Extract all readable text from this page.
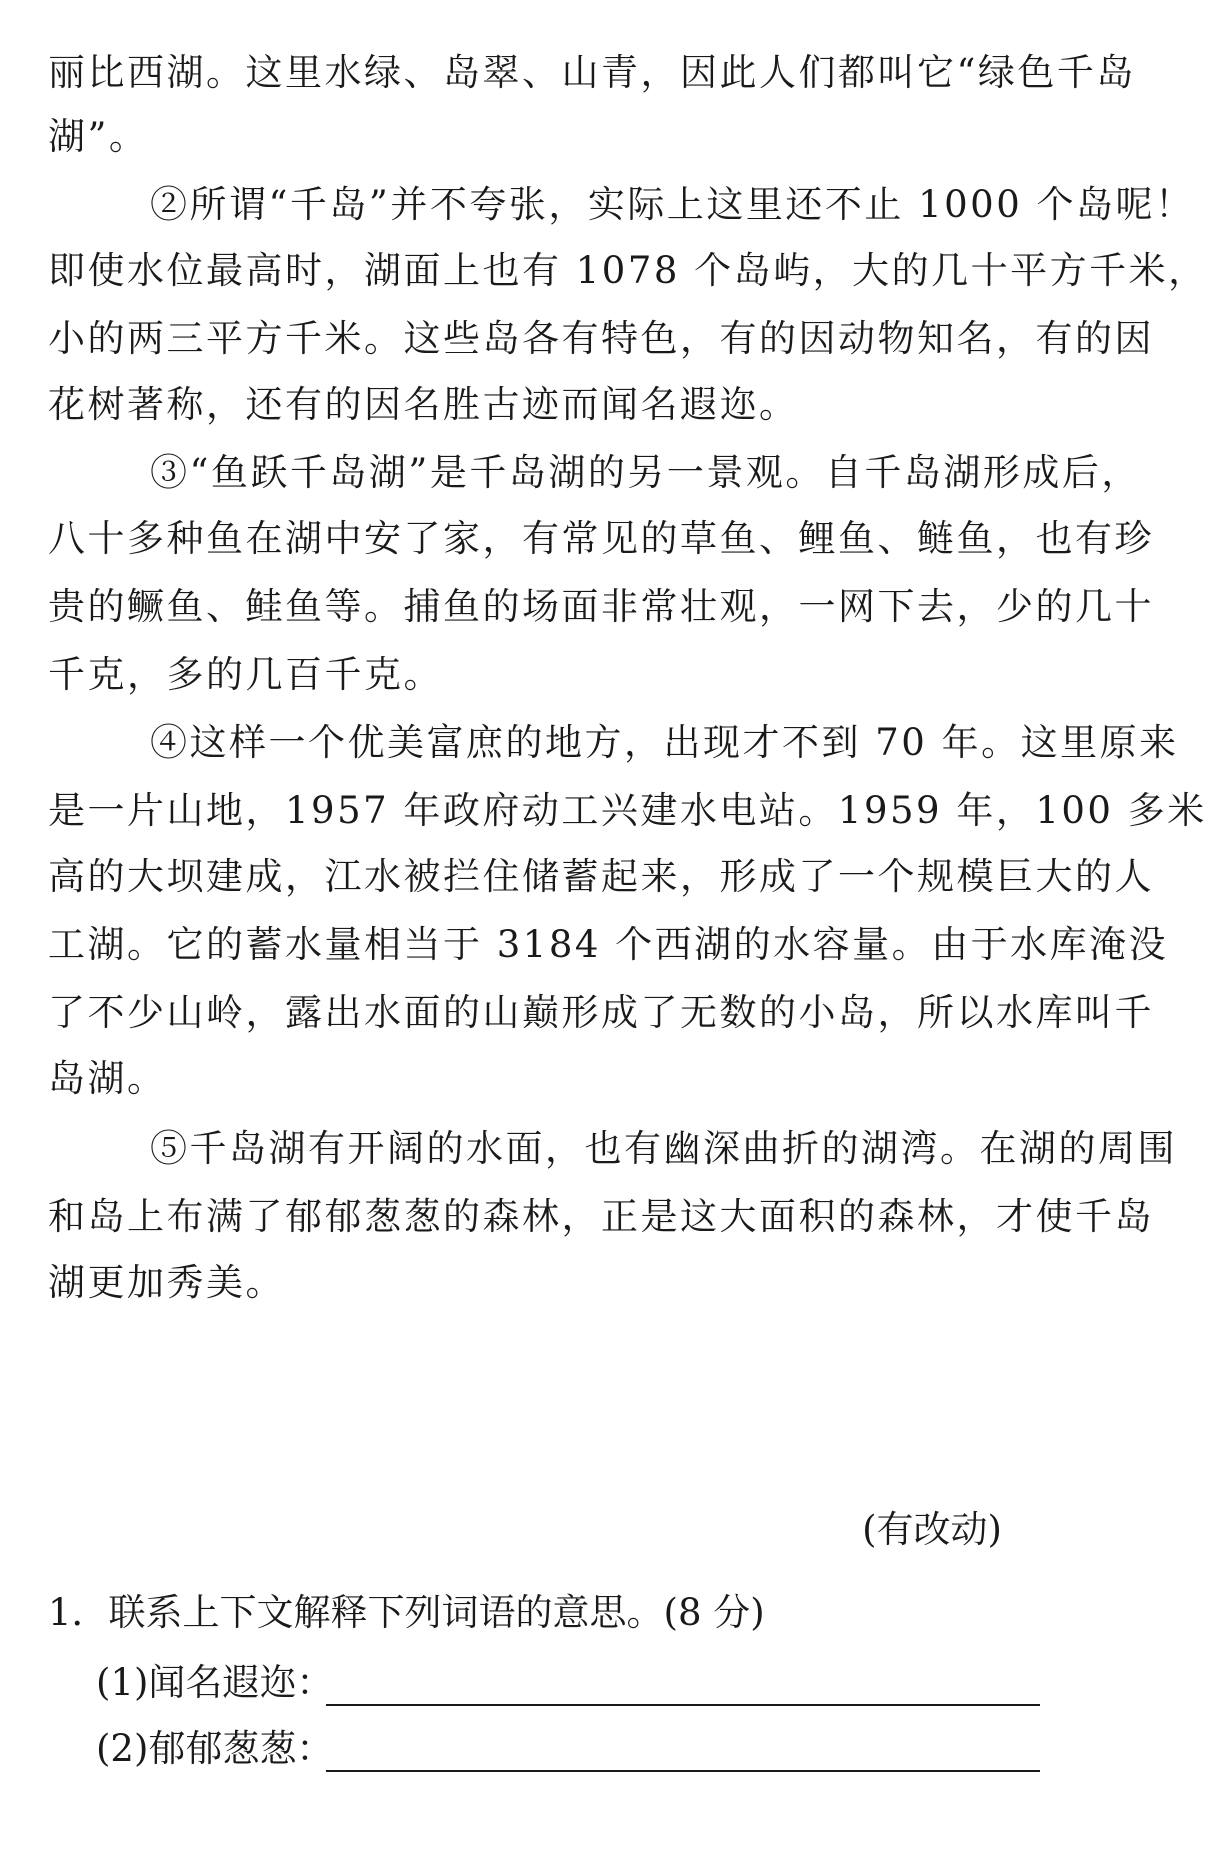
丽比西湖。这里水绿、岛翠、山青，因此人们都叫它“绿色千岛
湖”。
②所谓“千岛”并不夸张，实际上这里还不止 1000 个岛呢！
即使水位最高时，湖面上也有 1078 个岛屿，大的几十平方千米，
小的两三平方千米。这些岛各有特色，有的因动物知名，有的因
花树著称，还有的因名胜古迹而闻名遐迩。
③“鱼跃千岛湖”是千岛湖的另一景观。自千岛湖形成后，
八十多种鱼在湖中安了家，有常见的草鱼、鲤鱼、鲢鱼，也有珍
贵的鳜鱼、鲑鱼等。捕鱼的场面非常壮观，一网下去，少的几十
千克，多的几百千克。
④这样一个优美富庶的地方，出现才不到 70 年。这里原来
是一片山地，1957 年政府动工兴建水电站。1959 年，100 多米
高的大坝建成，江水被拦住储蓄起来，形成了一个规模巨大的人
工湖。它的蓄水量相当于 3184 个西湖的水容量。由于水库淹没
了不少山岭，露出水面的山巅形成了无数的小岛，所以水库叫千
岛湖。
⑤千岛湖有开阔的水面，也有幽深曲折的湖湾。在湖的周围
和岛上布满了郁郁葱葱的森林，正是这大面积的森林，才使千岛
湖更加秀美。
(有改动)
1．联系上下文解释下列词语的意思。(8 分)
(1)闻名遐迩：
(2)郁郁葱葱：
